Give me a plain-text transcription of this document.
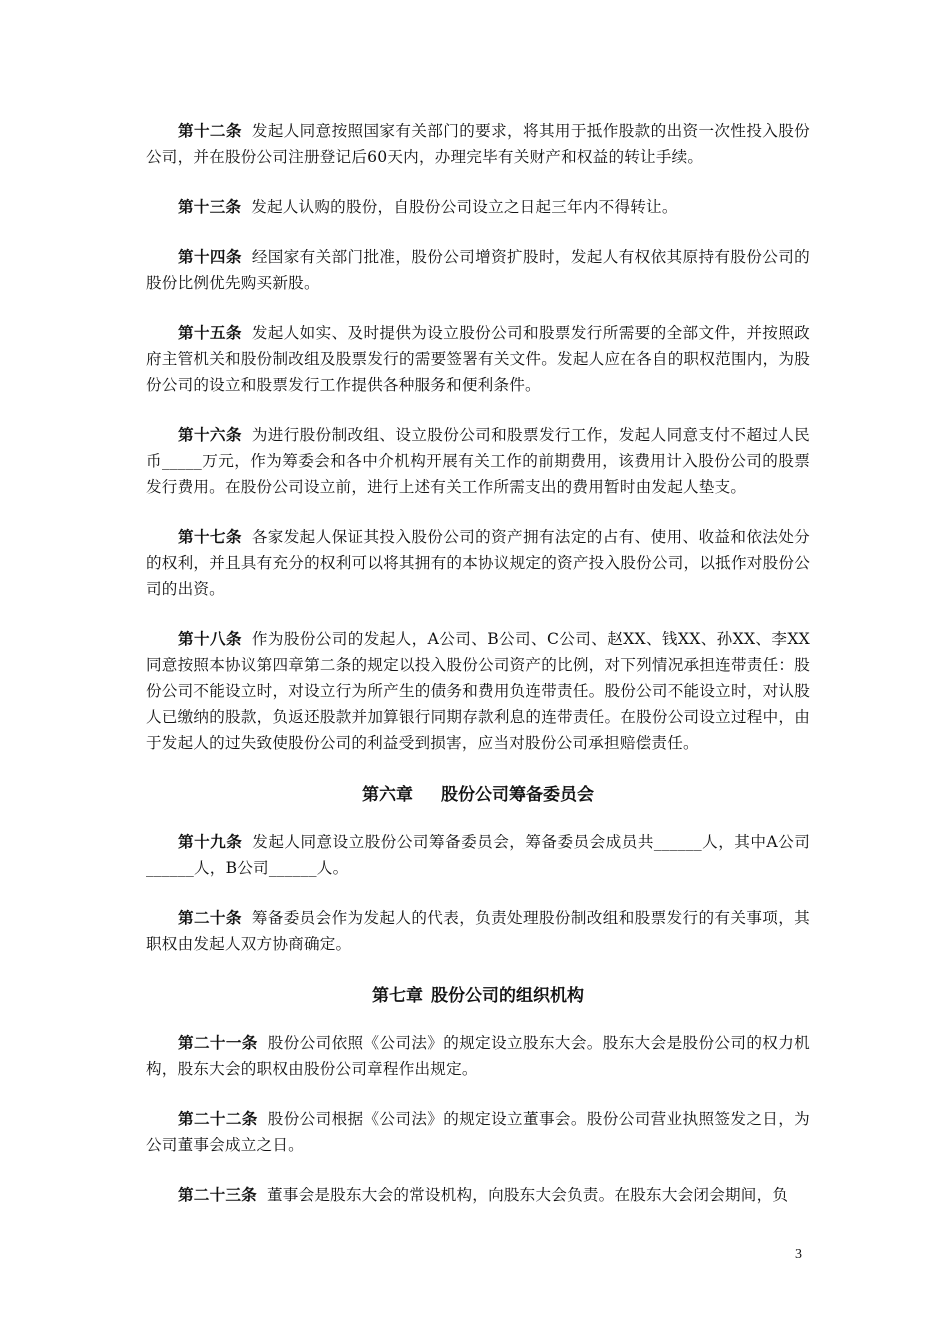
第十二条 发起人同意按照国家有关部门的要求，将其用于抵作股款的出资一次性投入股份公司，并在股份公司注册登记后60天内，办理完毕有关财产和权益的转让手续。

第十三条 发起人认购的股份，自股份公司设立之日起三年内不得转让。

第十四条 经国家有关部门批准，股份公司增资扩股时，发起人有权依其原持有股份公司的股份比例优先购买新股。

第十五条 发起人如实、及时提供为设立股份公司和股票发行所需要的全部文件，并按照政府主管机关和股份制改组及股票发行的需要签署有关文件。发起人应在各自的职权范围内，为股份公司的设立和股票发行工作提供各种服务和便利条件。

第十六条 为进行股份制改组、设立股份公司和股票发行工作，发起人同意支付不超过人民币_____万元，作为筹委会和各中介机构开展有关工作的前期费用，该费用计入股份公司的股票发行费用。在股份公司设立前，进行上述有关工作所需支出的费用暂时由发起人垫支。

第十七条 各家发起人保证其投入股份公司的资产拥有法定的占有、使用、收益和依法处分的权利，并且具有充分的权利可以将其拥有的本协议规定的资产投入股份公司，以抵作对股份公司的出资。

第十八条 作为股份公司的发起人，A公司、B公司、C公司、赵XX、钱XX、孙XX、李XX同意按照本协议第四章第二条的规定以投入股份公司资产的比例，对下列情况承担连带责任：股份公司不能设立时，对设立行为所产生的债务和费用负连带责任。股份公司不能设立时，对认股人已缴纳的股款，负返还股款并加算银行同期存款利息的连带责任。在股份公司设立过程中，由于发起人的过失致使股份公司的利益受到损害，应当对股份公司承担赔偿责任。

第六章 股份公司筹备委员会

第十九条 发起人同意设立股份公司筹备委员会，筹备委员会成员共______人，其中A公司______人，B公司______人。

第二十条 筹备委员会作为发起人的代表，负责处理股份制改组和股票发行的有关事项，其职权由发起人双方协商确定。

第七章 股份公司的组织机构

第二十一条 股份公司依照《公司法》的规定设立股东大会。股东大会是股份公司的权力机构，股东大会的职权由股份公司章程作出规定。

第二十二条 股份公司根据《公司法》的规定设立董事会。股份公司营业执照签发之日，为公司董事会成立之日。

第二十三条 董事会是股东大会的常设机构，向股东大会负责。在股东大会闭会期间，负

3
